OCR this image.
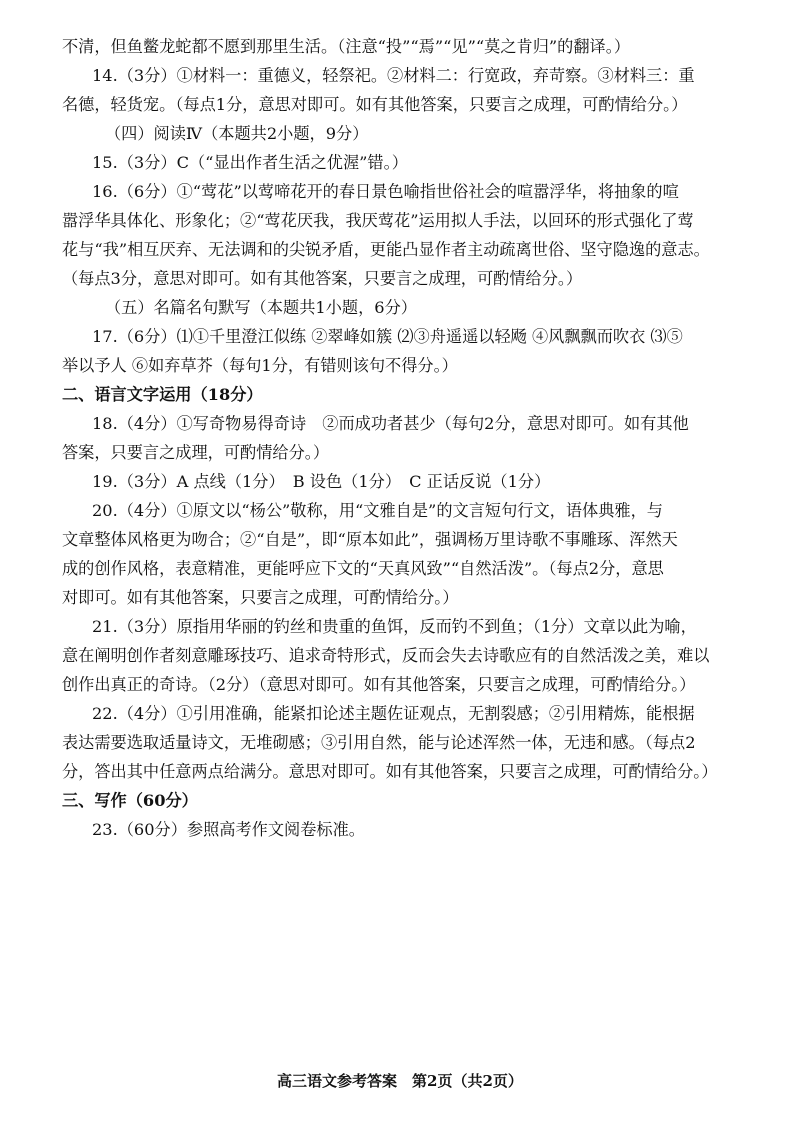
不清，但鱼鳖龙蛇都不愿到那里生活。（注意“投”“焉”“见”“莫之肯归”的翻译。）
14.（3分）①材料一：重德义，轻祭祀。②材料二：行宽政，弃苛察。③材料三：重
名德，轻货宠。（每点1分，意思对即可。如有其他答案，只要言之成理，可酌情给分。）
（四）阅读Ⅳ（本题共2小题，9分）
15.（3分）C（“显出作者生活之优渥”错。）
16.（6分）①“莺花”以莺啼花开的春日景色喻指世俗社会的喧嚣浮华，将抽象的喧
嚣浮华具体化、形象化；②“莺花厌我，我厌莺花”运用拟人手法，以回环的形式强化了莺
花与“我”相互厌弃、无法调和的尖锐矛盾，更能凸显作者主动疏离世俗、坚守隐逸的意志。
（每点3分，意思对即可。如有其他答案，只要言之成理，可酌情给分。）
（五）名篇名句默写（本题共1小题，6分）
17.（6分）⑴①千里澄江似练 ②翠峰如簇 ⑵③舟遥遥以轻飏 ④风飘飘而吹衣 ⑶⑤
举以予人 ⑥如弃草芥（每句1分，有错则该句不得分。）
二、语言文字运用（18分）
18.（4分）①写奇物易得奇诗　②而成功者甚少（每句2分，意思对即可。如有其他
答案，只要言之成理，可酌情给分。）
19.（3分）A 点线（1分）　B 设色（1分）　C 正话反说（1分）
20.（4分）①原文以“杨公”敬称，用“文雅自是”的文言短句行文，语体典雅，与
文章整体风格更为吻合；②“自是”，即“原本如此”，强调杨万里诗歌不事雕琢、浑然天
成的创作风格，表意精准，更能呼应下文的“天真风致”“自然活泼”。（每点2分，意思
对即可。如有其他答案，只要言之成理，可酌情给分。）
21.（3分）原指用华丽的钓丝和贵重的鱼饵，反而钓不到鱼；（1分）文章以此为喻，
意在阐明创作者刻意雕琢技巧、追求奇特形式，反而会失去诗歌应有的自然活泼之美，难以
创作出真正的奇诗。（2分）（意思对即可。如有其他答案，只要言之成理，可酌情给分。）
22.（4分）①引用准确，能紧扣论述主题佐证观点，无割裂感；②引用精炼，能根据
表达需要选取适量诗文，无堆砌感；③引用自然，能与论述浑然一体，无违和感。（每点2
分，答出其中任意两点给满分。意思对即可。如有其他答案，只要言之成理，可酌情给分。）
三、写作（60分）
23.（60分）参照高考作文阅卷标准。
高三语文参考答案　第2页（共2页）
